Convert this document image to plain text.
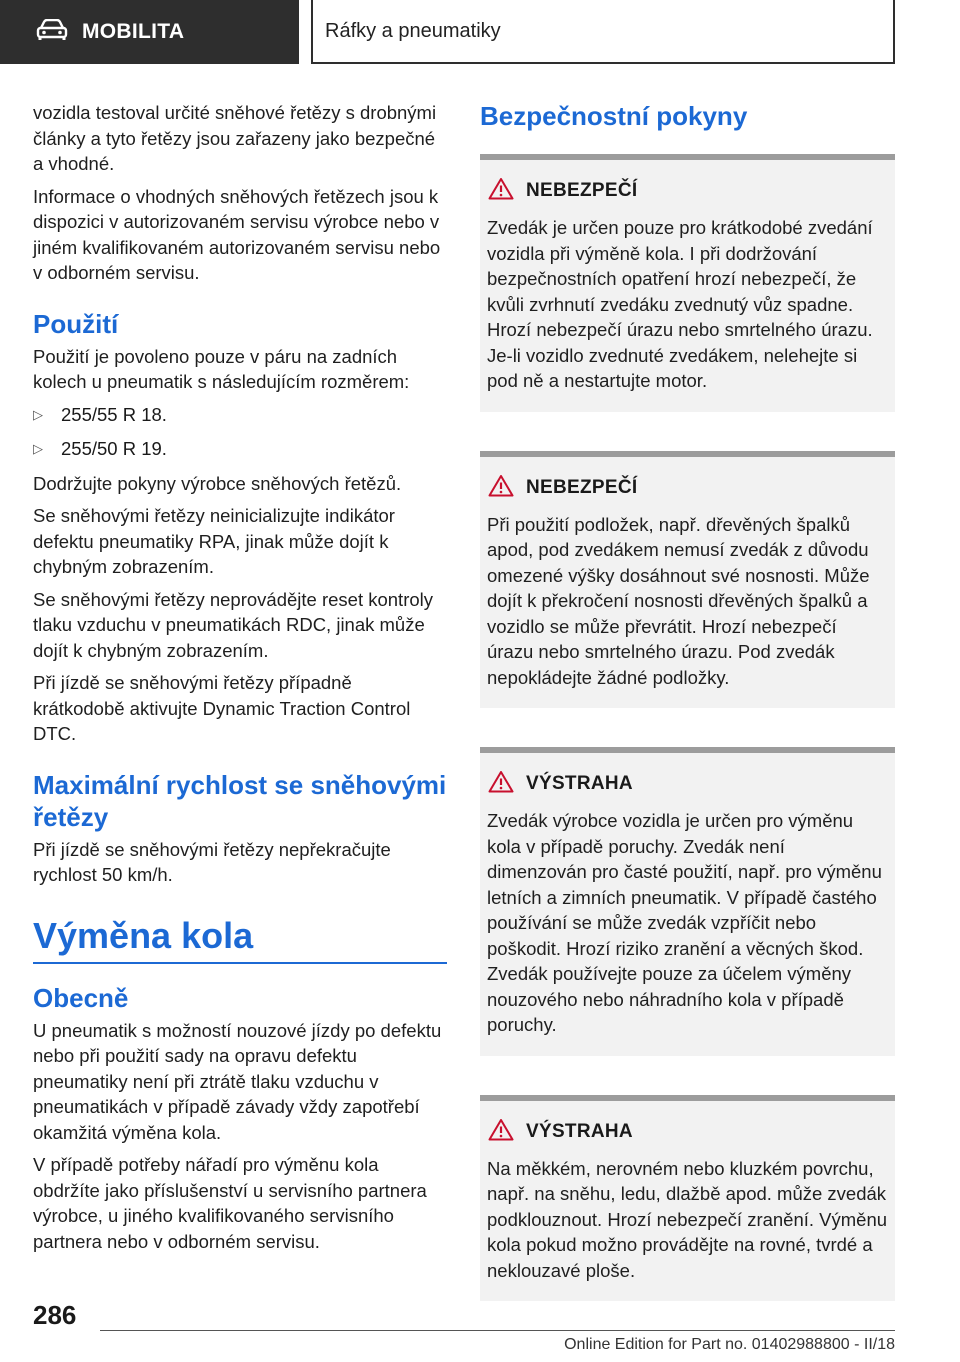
MOBILITA	Ráfky a pneumatiky

vozidla testoval určité sněhové řetězy s drobnými články a tyto řetězy jsou zařazeny jako bezpečné a vhodné.

Informace o vhodných sněhových řetězech jsou k dispozici v autorizovaném servisu výrobce nebo v jiném kvalifikovaném autorizovaném servisu nebo v odborném servisu.

Použití

Použití je povoleno pouze v páru na zadních kolech u pneumatik s následujícím rozměrem:

▷ 255/55 R 18.
▷ 255/50 R 19.

Dodržujte pokyny výrobce sněhových řetězů.

Se sněhovými řetězy neinicializujte indikátor defektu pneumatiky RPA, jinak může dojít k chybným zobrazením.

Se sněhovými řetězy neprovádějte reset kontroly tlaku vzduchu v pneumatikách RDC, jinak může dojít k chybným zobrazením.

Při jízdě se sněhovými řetězy případně krátkodobě aktivujte Dynamic Traction Control DTC.

Maximální rychlost se sněhovými řetězy

Při jízdě se sněhovými řetězy nepřekračujte rychlost 50 km/h.

Výměna kola
Obecně

U pneumatik s možností nouzové jízdy po defektu nebo při použití sady na opravu defektu pneumatiky není při ztrátě tlaku vzduchu v pneumatikách v případě závady vždy zapotřebí okamžitá výměna kola.

V případě potřeby nářadí pro výměnu kola obdržíte jako příslušenství u servisního partnera výrobce, u jiného kvalifikovaného servisního partnera nebo v odborném servisu.

Bezpečnostní pokyny
NEBEZPEČÍ

Zvedák je určen pouze pro krátkodobé zvedání vozidla při výměně kola. I při dodržování bezpečnostních opatření hrozí nebezpečí, že kvůli zvrhnutí zvedáku zvednutý vůz spadne. Hrozí nebezpečí úrazu nebo smrtelného úrazu. Je-li vozidlo zvednuté zvedákem, nelehejte si pod ně a nestartujte motor.

NEBEZPEČÍ

Při použití podložek, např. dřevěných špalků apod, pod zvedákem nemusí zvedák z důvodu omezené výšky dosáhnout své nosnosti. Může dojít k překročení nosnosti dřevěných špalků a vozidlo se může převrátit. Hrozí nebezpečí úrazu nebo smrtelného úrazu. Pod zvedák nepokládejte žádné podložky.

VÝSTRAHA

Zvedák výrobce vozidla je určen pro výměnu kola v případě poruchy. Zvedák není dimenzován pro časté použití, např. pro výměnu letních a zimních pneumatik. V případě častého používání se může zvedák vzpříčit nebo poškodit. Hrozí riziko zranění a věcných škod. Zvedák používejte pouze za účelem výměny nouzového nebo náhradního kola v případě poruchy.

VÝSTRAHA

Na měkkém, nerovném nebo kluzkém povrchu, např. na sněhu, ledu, dlažbě apod. může zvedák podklouznout. Hrozí nebezpečí zranění. Výměnu kola pokud možno provádějte na rovné, tvrdé a neklouzavé ploše.

286
Online Edition for Part no. 01402988800 - II/18
